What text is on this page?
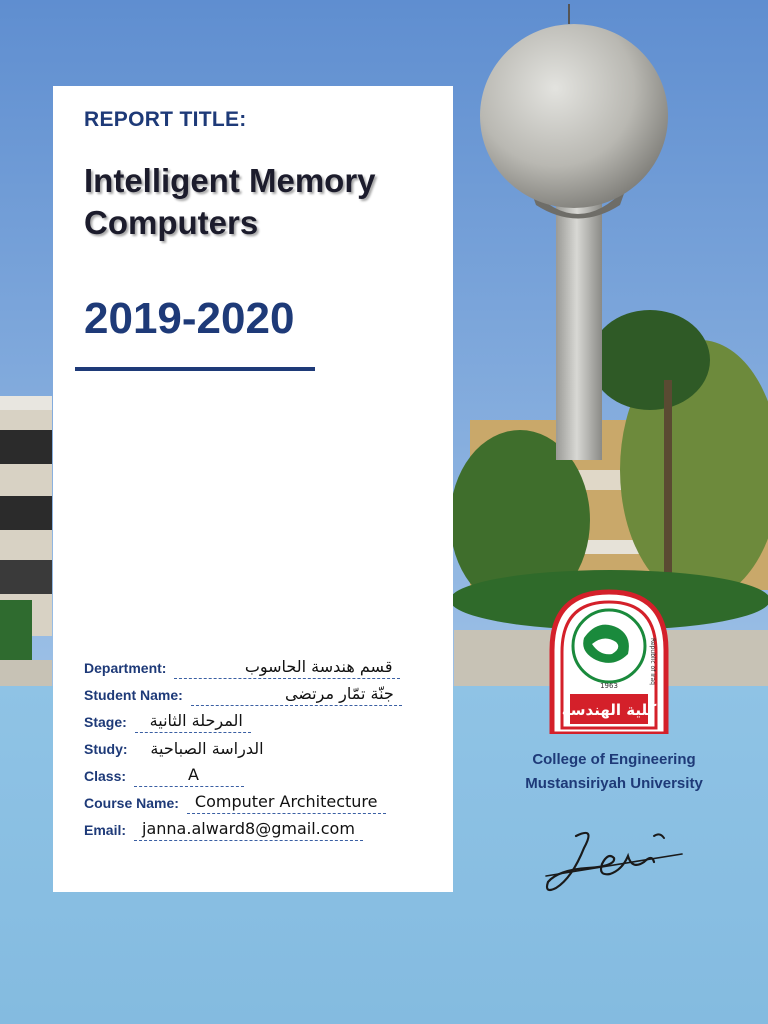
REPORT TITLE:
Intelligent Memory Computers
2019-2020
Department:	قسم هندسة الحاسوب
Student Name:	جنّة تمّار مرتضى
Stage:	المرحلة الثانية
Study:	الدراسة الصباحية
Class:	A
Course Name:	Computer Architecture
Email:	janna.alward8@gmail.com
1963
كلية الهندسة
Republic of Iraq
College of Engineering
Mustansiriyah University
